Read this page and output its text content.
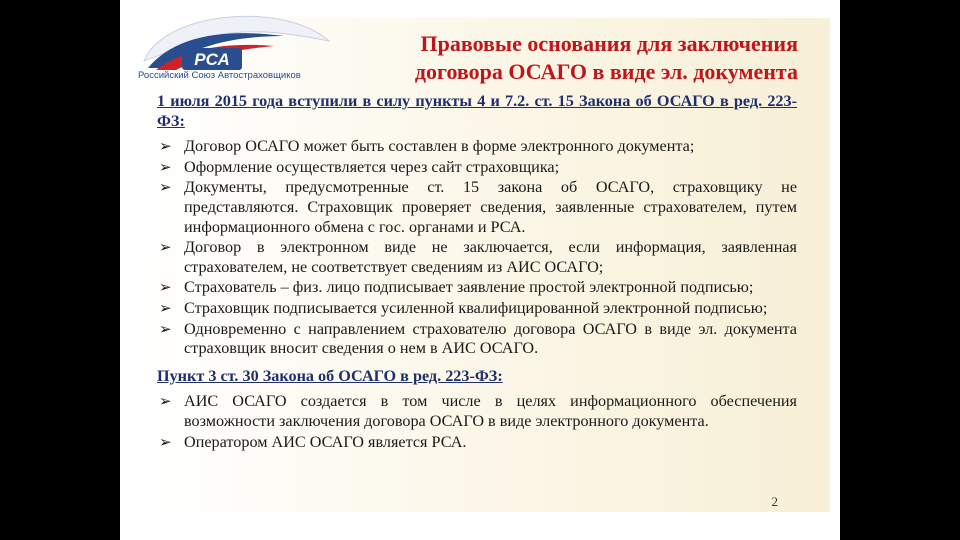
РСА
Российский Союз Автостраховщиков
Правовые основания для заключения
договора ОСАГО в виде эл. документа

1 июля 2015 года вступили в силу пункты 4 и 7.2. ст. 15 Закона об ОСАГО в ред. 223-ФЗ:

➢ Договор ОСАГО может быть составлен в форме электронного документа;
➢ Оформление осуществляется через сайт страховщика;
➢ Документы, предусмотренные ст. 15 закона об ОСАГО, страховщику не представляются. Страховщик проверяет сведения, заявленные страхователем, путем информационного обмена с гос. органами и РСА.
➢ Договор в электронном виде не заключается, если информация, заявленная страхователем, не соответствует сведениям из АИС ОСАГО;
➢ Страхователь – физ. лицо подписывает заявление простой электронной подписью;
➢ Страховщик подписывается усиленной квалифицированной электронной подписью;
➢ Одновременно с направлением страхователю договора ОСАГО в виде эл. документа страховщик вносит сведения о нем в АИС ОСАГО.

Пункт 3 ст. 30 Закона об ОСАГО в ред. 223-ФЗ:

➢ АИС ОСАГО создается в том числе в целях информационного обеспечения возможности заключения договора ОСАГО в виде электронного документа.
➢ Оператором АИС ОСАГО является РСА.
2
